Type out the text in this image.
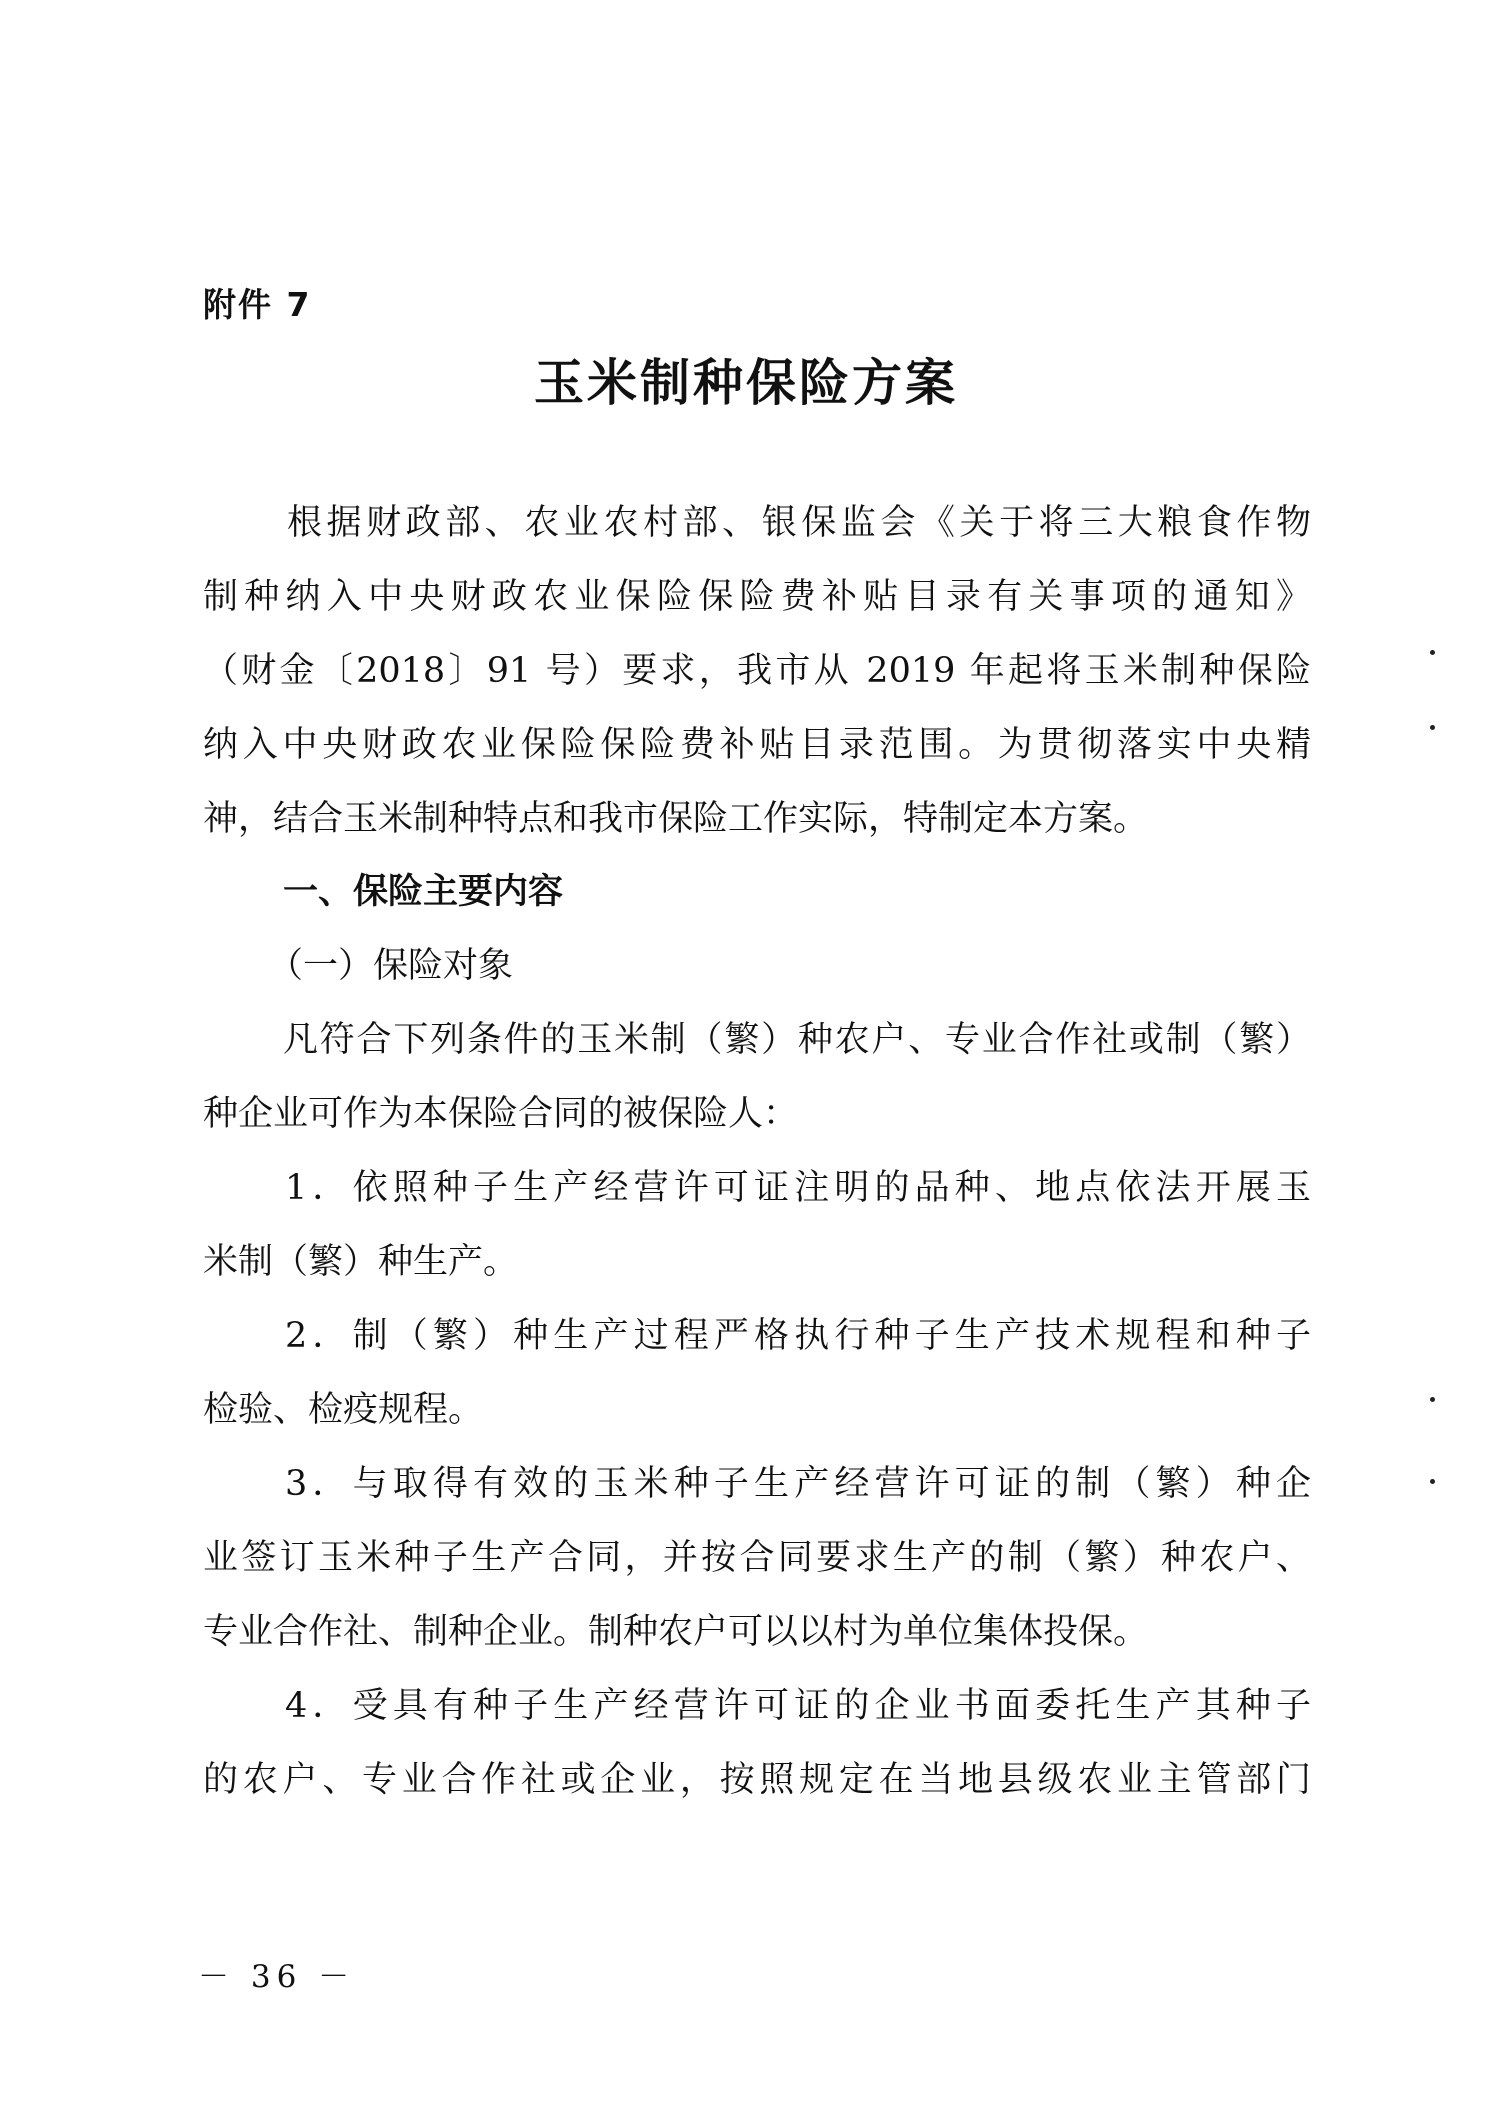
附件 7
玉米制种保险方案
根据财政部、农业农村部、银保监会《关于将三大粮食作物
制种纳入中央财政农业保险保险费补贴目录有关事项的通知》
（财金〔2018〕91 号）要求，我市从 2019 年起将玉米制种保险
纳入中央财政农业保险保险费补贴目录范围。为贯彻落实中央精
神，结合玉米制种特点和我市保险工作实际，特制定本方案。
一、保险主要内容
（一）保险对象
凡符合下列条件的玉米制（繁）种农户、专业合作社或制（繁）
种企业可作为本保险合同的被保险人：
1．依照种子生产经营许可证注明的品种、地点依法开展玉
米制（繁）种生产。
2．制（繁）种生产过程严格执行种子生产技术规程和种子
检验、检疫规程。
3．与取得有效的玉米种子生产经营许可证的制（繁）种企
业签订玉米种子生产合同，并按合同要求生产的制（繁）种农户、
专业合作社、制种企业。制种农户可以以村为单位集体投保。
4．受具有种子生产经营许可证的企业书面委托生产其种子
的农户、专业合作社或企业，按照规定在当地县级农业主管部门
－ 36 －
